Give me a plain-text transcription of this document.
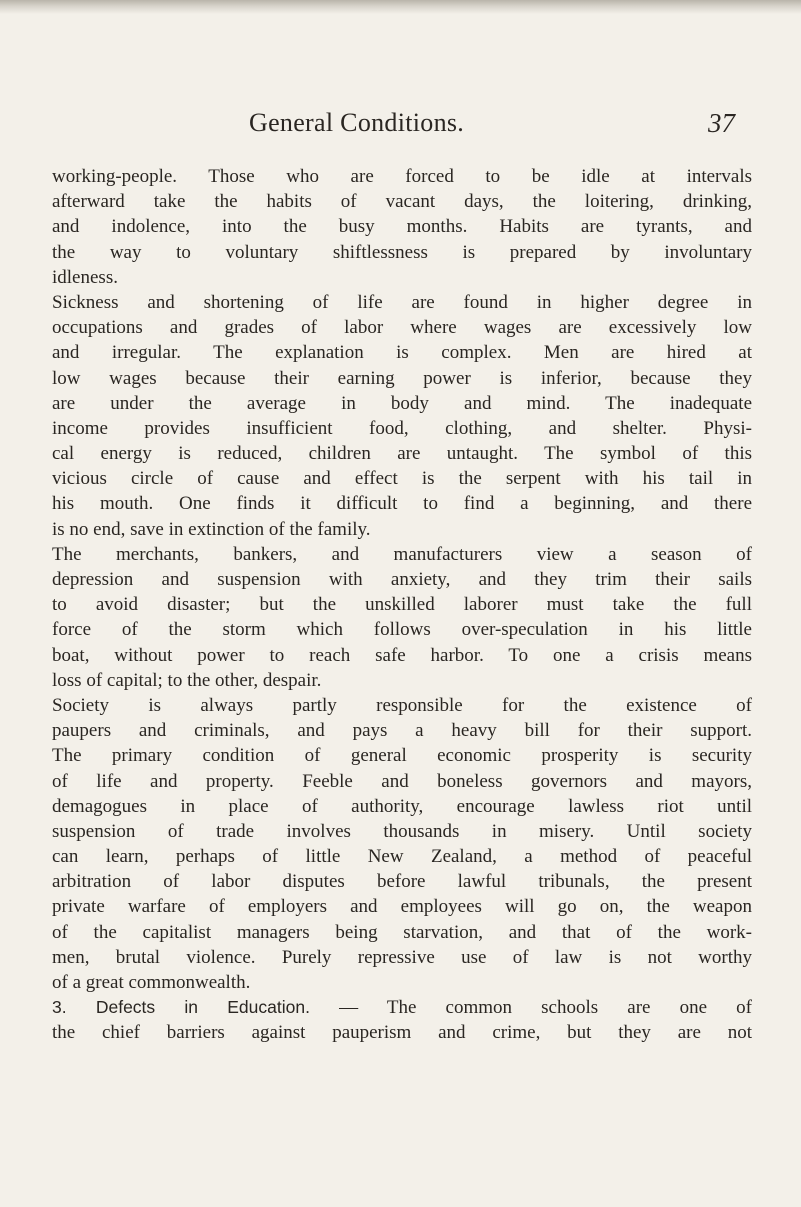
General Conditions.	37
working-people. Those who are forced to be idle at intervals
afterward take the habits of vacant days, the loitering, drinking,
and indolence, into the busy months. Habits are tyrants, and
the way to voluntary shiftlessness is prepared by involuntary
idleness.
Sickness and shortening of life are found in higher degree in
occupations and grades of labor where wages are excessively low
and irregular. The explanation is complex. Men are hired at
low wages because their earning power is inferior, because they
are under the average in body and mind. The inadequate
income provides insufficient food, clothing, and shelter. Physi-
cal energy is reduced, children are untaught. The symbol of this
vicious circle of cause and effect is the serpent with his tail in
his mouth. One finds it difficult to find a beginning, and there
is no end, save in extinction of the family.
The merchants, bankers, and manufacturers view a season of
depression and suspension with anxiety, and they trim their sails
to avoid disaster; but the unskilled laborer must take the full
force of the storm which follows over-speculation in his little
boat, without power to reach safe harbor. To one a crisis means
loss of capital; to the other, despair.
Society is always partly responsible for the existence of
paupers and criminals, and pays a heavy bill for their support.
The primary condition of general economic prosperity is security
of life and property. Feeble and boneless governors and mayors,
demagogues in place of authority, encourage lawless riot until
suspension of trade involves thousands in misery. Until society
can learn, perhaps of little New Zealand, a method of peaceful
arbitration of labor disputes before lawful tribunals, the present
private warfare of employers and employees will go on, the weapon
of the capitalist managers being starvation, and that of the work-
men, brutal violence. Purely repressive use of law is not worthy
of a great commonwealth.
3. Defects in Education. — The common schools are one of
the chief barriers against pauperism and crime, but they are not
